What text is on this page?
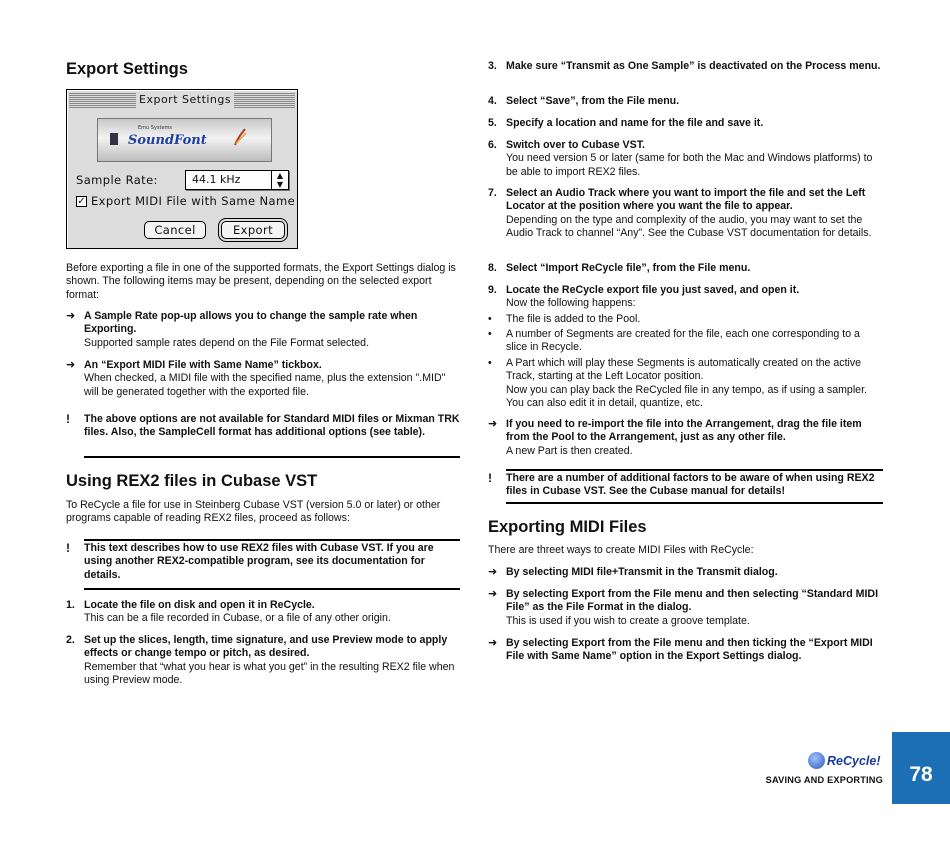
Export Settings
Export Settings
Emu Systems
SoundFont
Sample Rate:	44.1 kHz	▲
▼
✓ Export MIDI File with Same Name
Cancel	Export

Before exporting a file in one of the supported formats, the Export Settings dialog is shown. The following items may be present, depending on the selected export format:

➜ A Sample Rate pop-up allows you to change the sample rate when Exporting.

Supported sample rates depend on the File Format selected.

➜ An “Export MIDI File with Same Name” tickbox.

When checked, a MIDI file with the specified name, plus the extension ".MID" will be generated together with the exported file.

! The above options are not available for Standard MIDI files or Mixman TRK files. Also, the SampleCell format has additional options (see table).

Using REX2 files in Cubase VST

To ReCycle a file for use in Steinberg Cubase VST (version 5.0 or later) or other programs capable of reading REX2 files, proceed as follows:

! This text describes how to use REX2 files with Cubase VST. If you are using another REX2-compatible program, see its documentation for details.

1. Locate the file on disk and open it in ReCycle.

This can be a file recorded in Cubase, or a file of any other origin.

2. Set up the slices, length, time signature, and use Preview mode to apply effects or change tempo or pitch, as desired.

Remember that “what you hear is what you get” in the resulting REX2 file when using Preview mode.

3. Make sure “Transmit as One Sample” is deactivated on the Process menu.

4. Select “Save”, from the File menu.

5. Specify a location and name for the file and save it.

6. Switch over to Cubase VST.

You need version 5 or later (same for both the Mac and Windows platforms) to be able to import REX2 files.

7. Select an Audio Track where you want to import the file and set the Left Locator at the position where you want the file to appear.

Depending on the type and complexity of the audio, you may want to set the Audio Track to channel “Any”. See the Cubase VST documentation for details.

8. Select “Import ReCycle file”, from the File menu.

9. Locate the ReCycle export file you just saved, and open it.

Now the following happens:

• The file is added to the Pool.

• A number of Segments are created for the file, each one corresponding to a slice in Recycle.

• A Part which will play these Segments is automatically created on the active Track, starting at the Left Locator position.

Now you can play back the ReCycled file in any tempo, as if using a sampler. You can also edit it in detail, quantize, etc.

➜ If you need to re-import the file into the Arrangement, drag the file item from the Pool to the Arrangement, just as any other file.

A new Part is then created.

! There are a number of additional factors to be aware of when using REX2 files in Cubase VST. See the Cubase manual for details!

Exporting MIDI Files

There are threet ways to create MIDI Files with ReCycle:

➜ By selecting MIDI file+Transmit in the Transmit dialog.

➜ By selecting Export from the File menu and then selecting “Standard MIDI File” as the File Format in the dialog.

This is used if you wish to create a groove template.

➜ By selecting Export from the File menu and then ticking the “Export MIDI File with Same Name” option in the Export Settings dialog.

ReCycle!
SAVING AND EXPORTING	78
